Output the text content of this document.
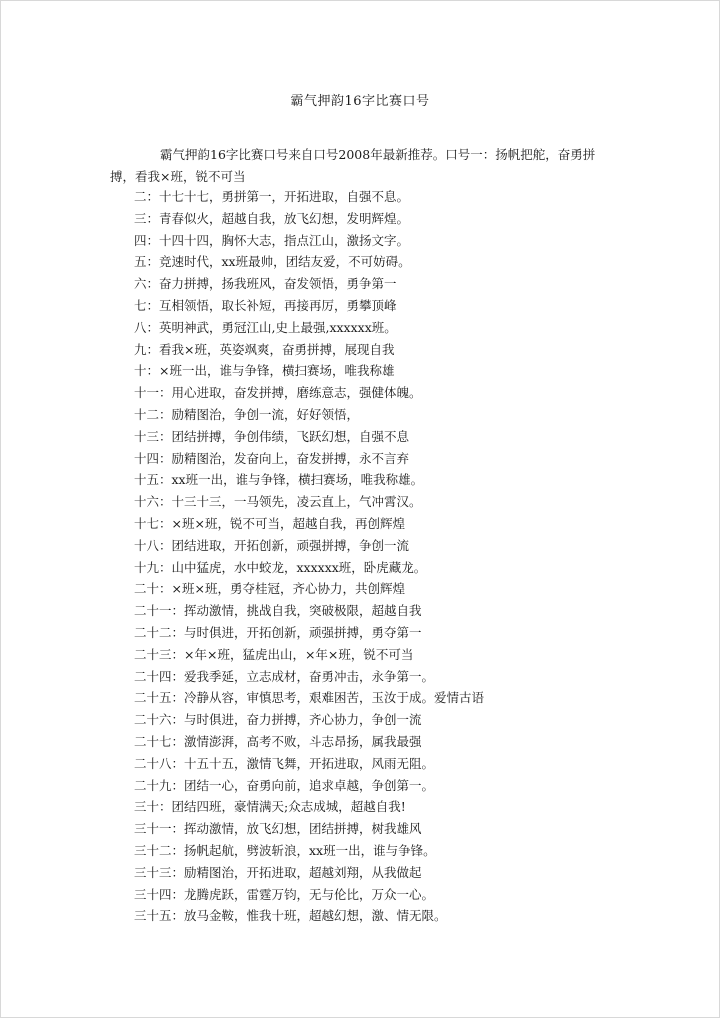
霸气押韵16字比赛口号
霸气押韵16字比赛口号来自口号2008年最新推荐。口号一：扬帆把舵，奋勇拼搏，看我×班，锐不可当
二：十七十七，勇拼第一，开拓进取，自强不息。
三：青春似火，超越自我，放飞幻想，发明辉煌。
四：十四十四，胸怀大志，指点江山，激扬文字。
五：竞速时代，xx班最帅，团结友爱，不可妨碍。
六：奋力拼搏，扬我班风，奋发领悟，勇争第一
七：互相领悟，取长补短，再接再厉，勇攀顶峰
八：英明神武，勇冠江山,史上最强,xxxxxx班。
九：看我×班，英姿飒爽，奋勇拼搏，展现自我
十：×班一出，谁与争锋，横扫赛场，唯我称雄
十一：用心进取，奋发拼搏，磨练意志，强健体魄。
十二：励精图治，争创一流，好好领悟，
十三：团结拼搏，争创伟绩，飞跃幻想，自强不息
十四：励精图治，发奋向上，奋发拼搏，永不言弃
十五：xx班一出，谁与争锋，横扫赛场，唯我称雄。
十六：十三十三，一马领先，凌云直上，气冲霄汉。
十七：×班×班，锐不可当，超越自我，再创辉煌
十八：团结进取，开拓创新，顽强拼搏，争创一流
十九：山中猛虎，水中蛟龙，xxxxxx班，卧虎藏龙。
二十：×班×班，勇夺桂冠，齐心协力，共创辉煌
二十一：挥动激情，挑战自我，突破极限，超越自我
二十二：与时俱进，开拓创新，顽强拼搏，勇夺第一
二十三：×年×班，猛虎出山，×年×班，锐不可当
二十四：爱我季延，立志成材，奋勇冲击，永争第一。
二十五：冷静从容，审慎思考，艰难困苦，玉汝于成。爱情古语
二十六：与时俱进，奋力拼搏，齐心协力，争创一流
二十七：激情澎湃，高考不败，斗志昂扬，属我最强
二十八：十五十五，激情飞舞，开拓进取，风雨无阻。
二十九：团结一心，奋勇向前，追求卓越，争创第一。
三十：团结四班，豪情满天;众志成城，超越自我!
三十一：挥动激情，放飞幻想，团结拼搏，树我雄风
三十二：扬帆起航，劈波斩浪，xx班一出，谁与争锋。
三十三：励精图治，开拓进取，超越刘翔，从我做起
三十四：龙腾虎跃，雷霆万钧，无与伦比，万众一心。
三十五：放马金鞍，惟我十班，超越幻想，激、情无限。
